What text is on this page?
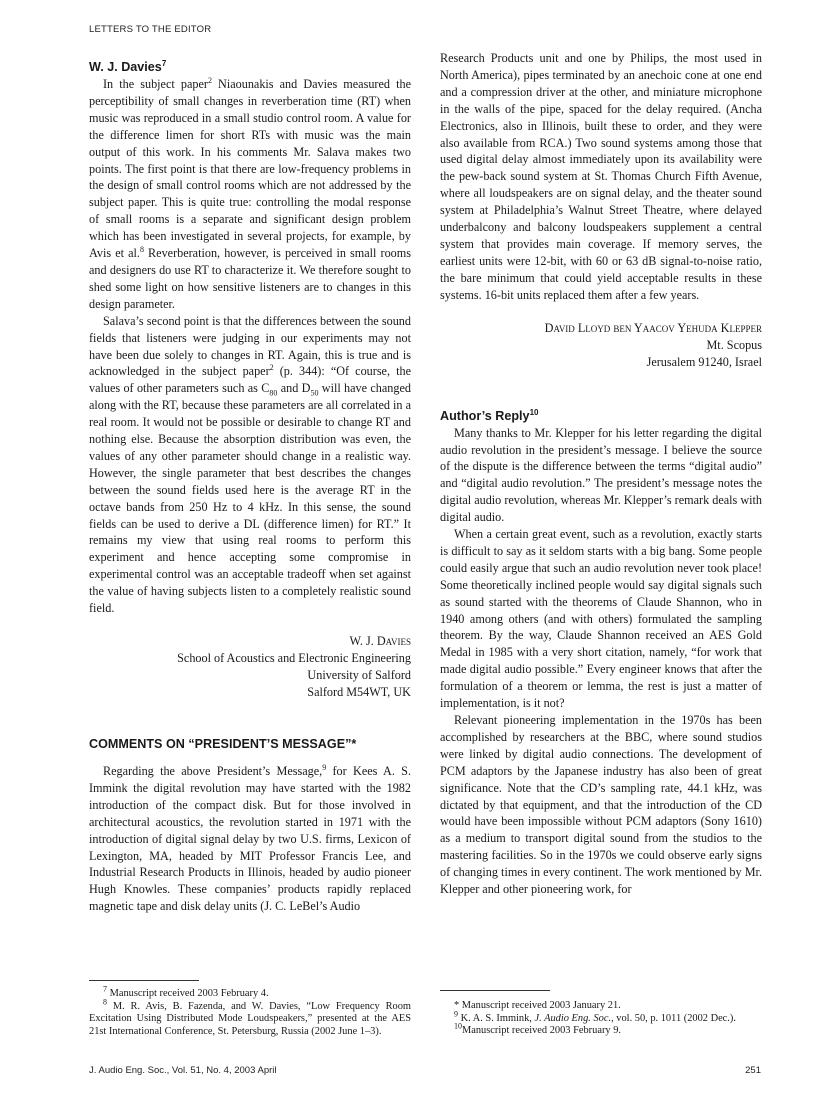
LETTERS TO THE EDITOR
W. J. Davies$^7$

In the subject paper$^2$ Niaounakis and Davies measured the perceptibility of small changes in reverberation time (RT) when music was reproduced in a small studio control room. A value for the difference limen for short RTs with music was the main output of this work. In his comments Mr. Salava makes two points. The first point is that there are low-frequency problems in the design of small control rooms which are not addressed by the subject paper. This is quite true: controlling the modal response of small rooms is a separate and significant design problem which has been investigated in several projects, for example, by Avis et al.$^8$ Reverberation, however, is perceived in small rooms and designers do use RT to characterize it. We therefore sought to shed some light on how sensitive listeners are to changes in this design parameter.

Salava’s second point is that the differences between the sound fields that listeners were judging in our experiments may not have been due solely to changes in RT. Again, this is true and is acknowledged in the subject paper$^2$ (p. 344): “Of course, the values of other parameters such as $C_{80}$ and $D_{50}$ will have changed along with the RT, because these parameters are all correlated in a real room. It would not be possible or desirable to change RT and nothing else. Because the absorption distribution was even, the values of any other parameter should change in a realistic way. However, the single parameter that best describes the changes between the sound fields used here is the average RT in the octave bands from 250 Hz to 4 kHz. In this sense, the sound fields can be used to derive a DL (difference limen) for RT.” It remains my view that using real rooms to perform this experiment and hence accepting some compromise in experimental control was an acceptable tradeoff when set against the value of having subjects listen to a completely realistic sound field.

W. J. Davies

School of Acoustics and Electronic Engineering

University of Salford

Salford M54WT, UK

COMMENTS ON “PRESIDENT’S MESSAGE”*

Regarding the above President’s Message,$^9$ for Kees A. S. Immink the digital revolution may have started with the 1982 introduction of the compact disk. But for those involved in architectural acoustics, the revolution started in 1971 with the introduction of digital signal delay by two U.S. firms, Lexicon of Lexington, MA, headed by MIT Professor Francis Lee, and Industrial Research Products in Illinois, headed by audio pioneer Hugh Knowles. These companies’ products rapidly replaced magnetic tape and disk delay units (J. C. LeBel’s Audio

$^7$ Manuscript received 2003 February 4.

$^8$ M. R. Avis, B. Fazenda, and W. Davies, “Low Frequency Room Excitation Using Distributed Mode Loudspeakers,” presented at the AES 21st International Conference, St. Petersburg, Russia (2002 June 1–3).

Research Products unit and one by Philips, the most used in North America), pipes terminated by an anechoic cone at one end and a compression driver at the other, and miniature microphone in the walls of the pipe, spaced for the delay required. (Ancha Electronics, also in Illinois, built these to order, and they were also available from RCA.) Two sound systems among those that used digital delay almost immediately upon its availability were the pew-back sound system at St. Thomas Church Fifth Avenue, where all loudspeakers are on signal delay, and the theater sound system at Philadelphia’s Walnut Street Theatre, where delayed underbalcony and balcony loudspeakers supplement a central system that provides main coverage. If memory serves, the earliest units were 12-bit, with 60 or 63 dB signal-to-noise ratio, the bare minimum that could yield acceptable results in these systems. 16-bit units replaced them after a few years.

David Lloyd ben Yaacov Yehuda Klepper

Mt. Scopus

Jerusalem 91240, Israel

Author’s Reply$^{10}$

Many thanks to Mr. Klepper for his letter regarding the digital audio revolution in the president’s message. I believe the source of the dispute is the difference between the terms “digital audio” and “digital audio revolution.” The president’s message notes the digital audio revolution, whereas Mr. Klepper’s remark deals with digital audio.

When a certain great event, such as a revolution, exactly starts is difficult to say as it seldom starts with a big bang. Some people could easily argue that such an audio revolution never took place! Some theoretically inclined people would say digital signals such as sound started with the theorems of Claude Shannon, who in 1940 among others (and with others) formulated the sampling theorem. By the way, Claude Shannon received an AES Gold Medal in 1985 with a very short citation, namely, “for work that made digital audio possible.” Every engineer knows that after the formulation of a theorem or lemma, the rest is just a matter of implementation, is it not?

Relevant pioneering implementation in the 1970s has been accomplished by researchers at the BBC, where sound studios were linked by digital audio connections. The development of PCM adaptors by the Japanese industry has also been of great significance. Note that the CD’s sampling rate, 44.1 kHz, was dictated by that equipment, and that the introduction of the CD would have been impossible without PCM adaptors (Sony 1610) as a medium to transport digital sound from the studios to the mastering facilities. So in the 1970s we could observe early signs of changing times in every continent. The work mentioned by Mr. Klepper and other pioneering work, for

* Manuscript received 2003 January 21.

$^9$ K. A. S. Immink, J. Audio Eng. Soc., vol. 50, p. 1011 (2002 Dec.).

$^{10}$Manuscript received 2003 February 9.

J. Audio Eng. Soc., Vol. 51, No. 4, 2003 April	251
